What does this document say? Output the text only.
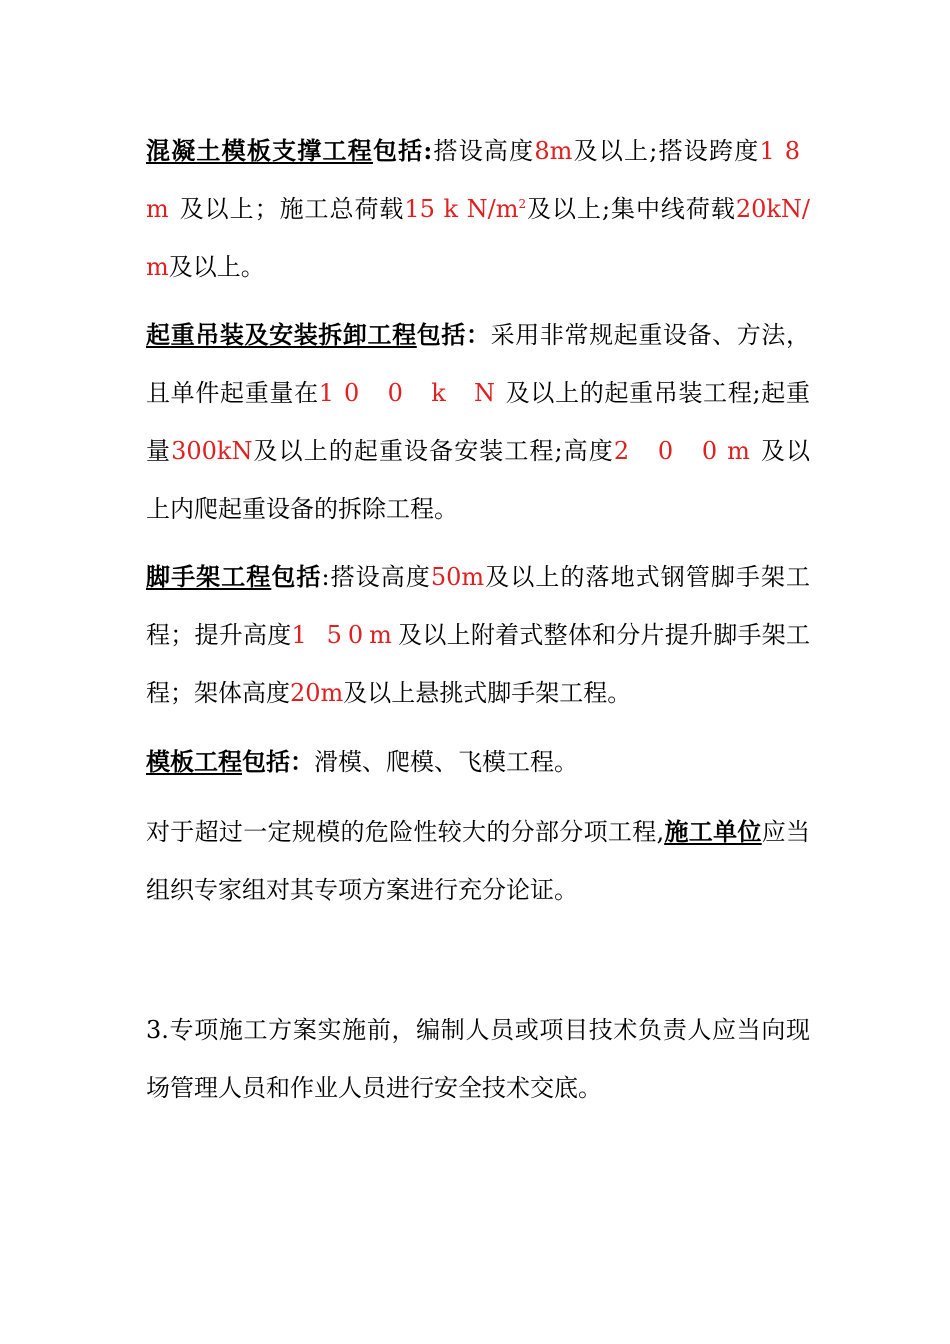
混凝土模板支撑工程包括:搭设高度8m及以上;搭设跨度18 m及以上；施工总荷载15 k $N/m^2$及以上;集中线荷载20kN/m及以上。

起重吊装及安装拆卸工程包括：采用非常规起重设备、方法，且单件起重量在10 0 k N及以上的起重吊装工程;起重量300kN及以上的起重设备安装工程;高度2 0 0m及以上内爬起重设备的拆除工程。

脚手架工程包括:搭设高度50m及以上的落地式钢管脚手架工程；提升高度1 50m及以上附着式整体和分片提升脚手架工程；架体高度20m及以上悬挑式脚手架工程。

模板工程包括：滑模、爬模、飞模工程。

对于超过一定规模的危险性较大的分部分项工程,施工单位应当组织专家组对其专项方案进行充分论证。

3.专项施工方案实施前，编制人员或项目技术负责人应当向现场管理人员和作业人员进行安全技术交底。
